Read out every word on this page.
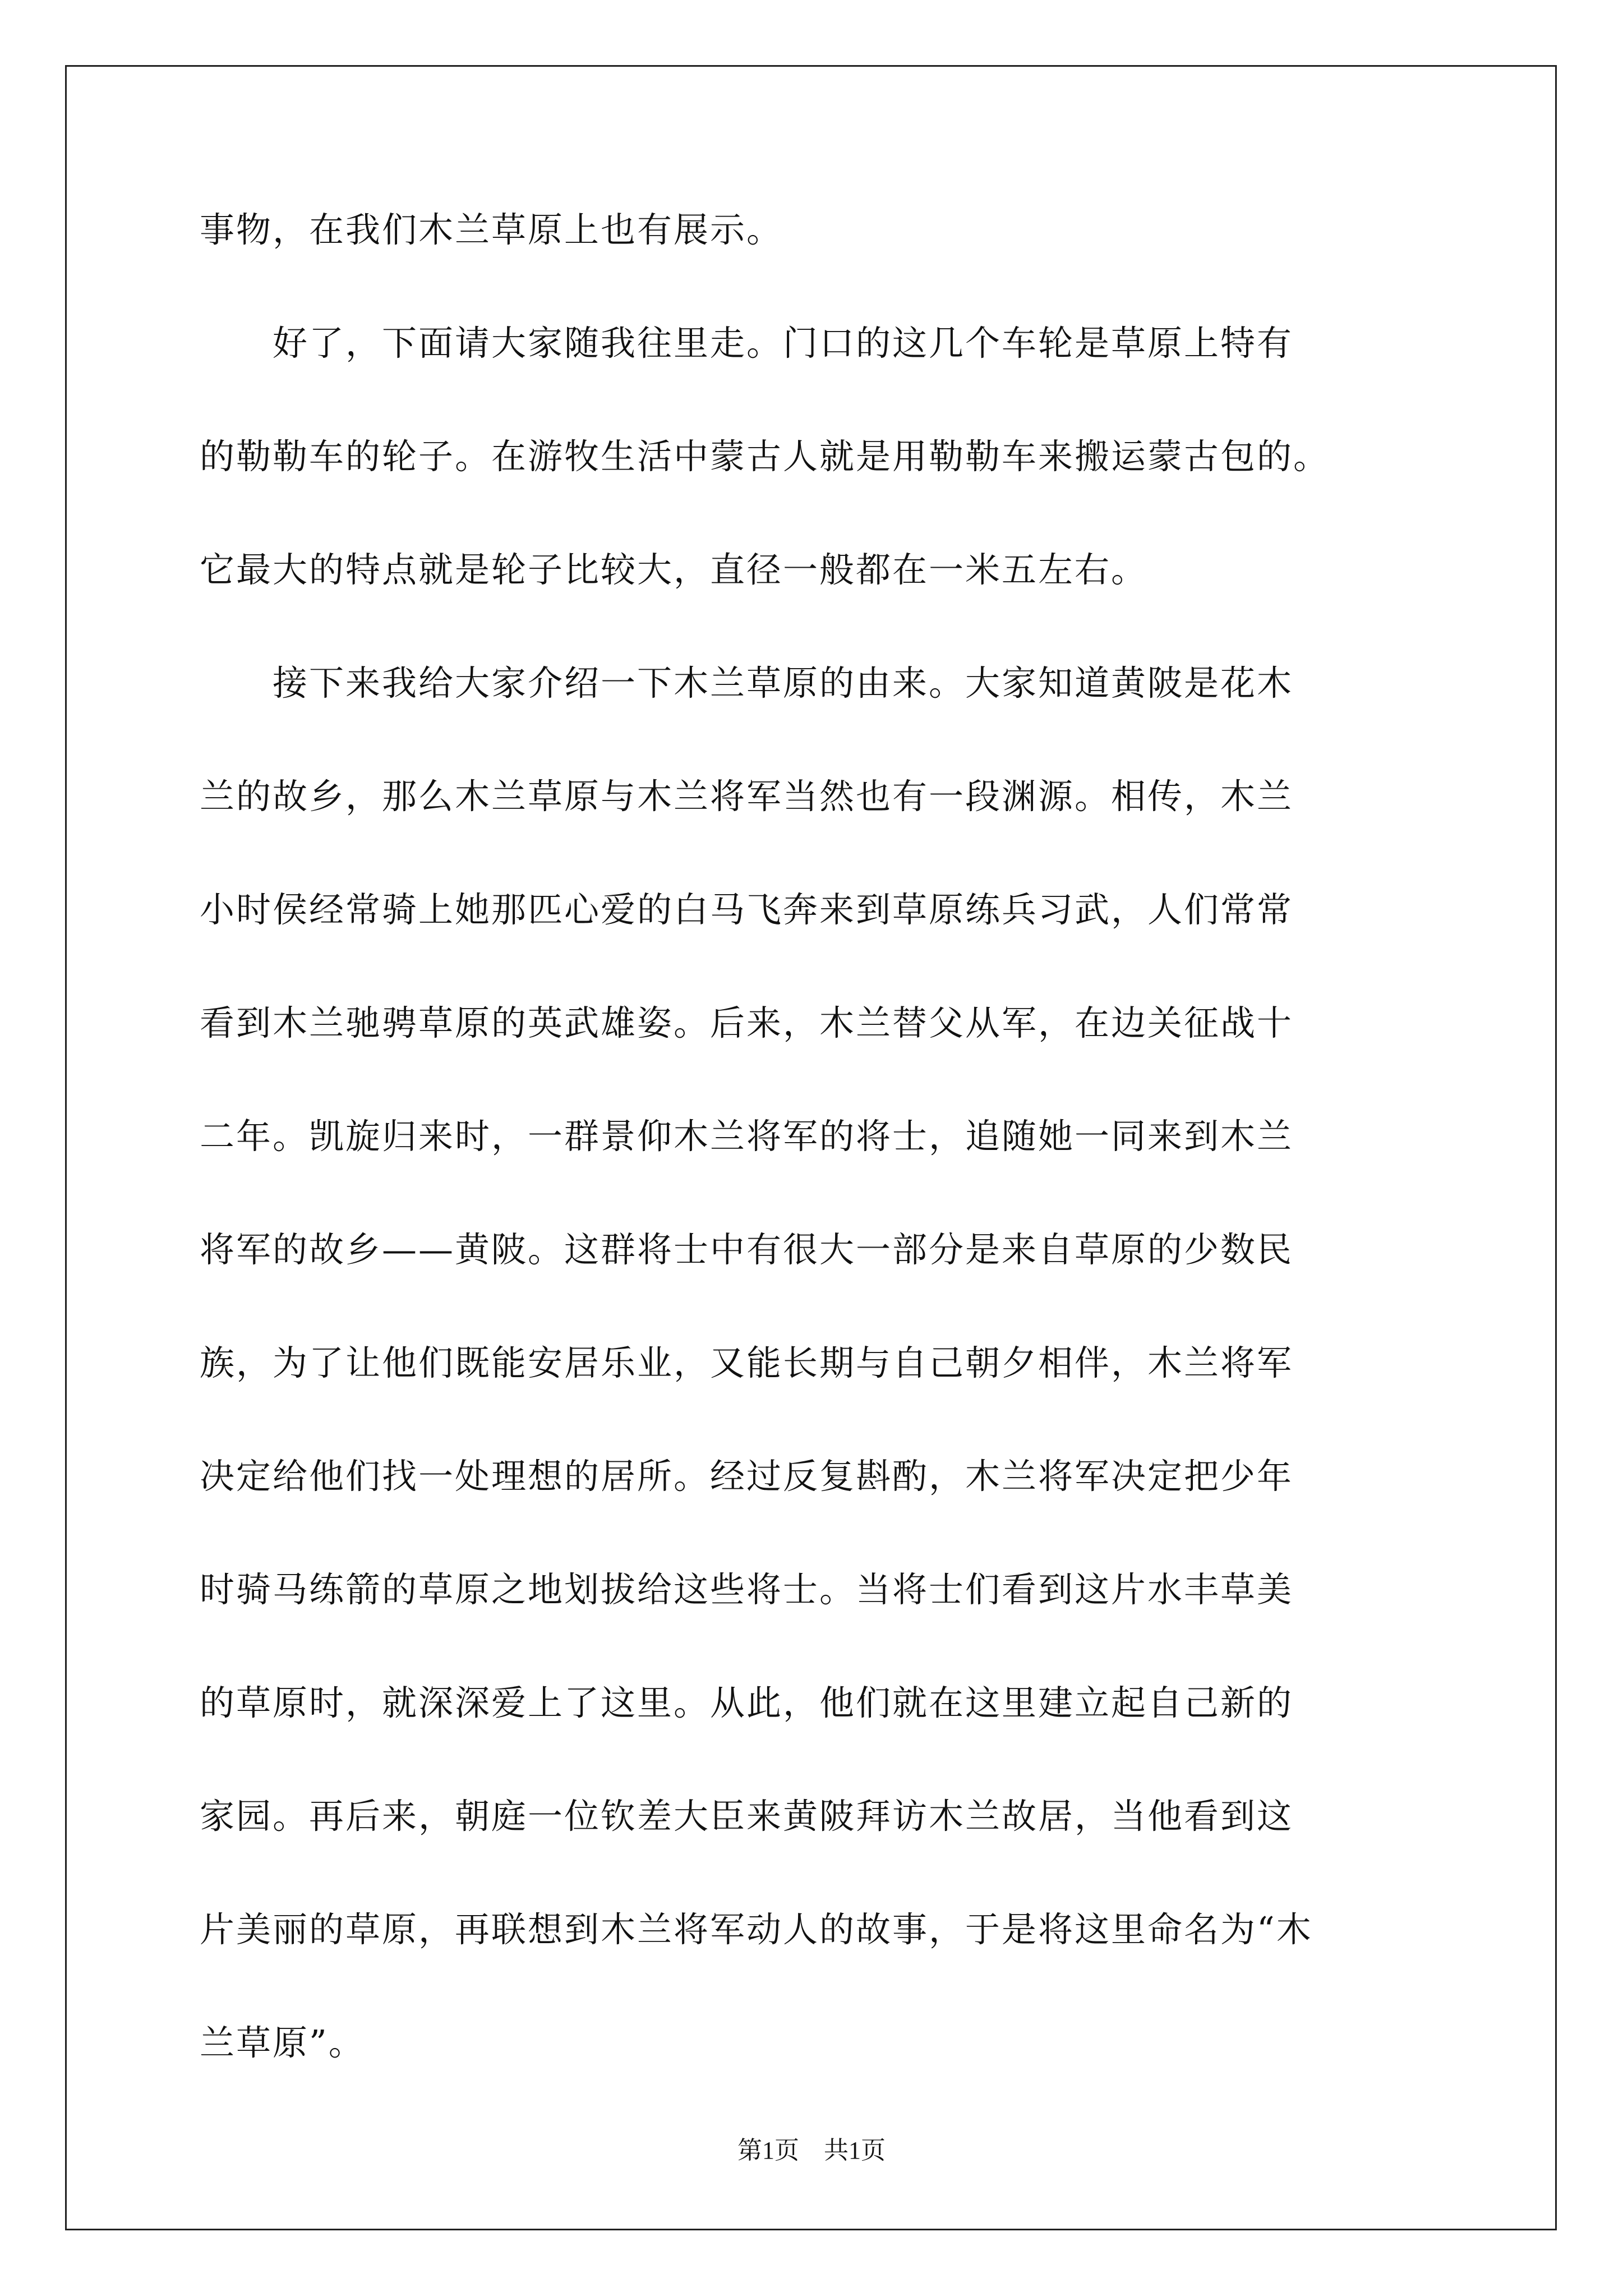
事物，在我们木兰草原上也有展示。
　　好了，下面请大家随我往里走。门口的这几个车轮是草原上特有
的勒勒车的轮子。在游牧生活中蒙古人就是用勒勒车来搬运蒙古包的。
它最大的特点就是轮子比较大，直径一般都在一米五左右。
　　接下来我给大家介绍一下木兰草原的由来。大家知道黄陂是花木
兰的故乡，那么木兰草原与木兰将军当然也有一段渊源。相传，木兰
小时侯经常骑上她那匹心爱的白马飞奔来到草原练兵习武，人们常常
看到木兰驰骋草原的英武雄姿。后来，木兰替父从军，在边关征战十
二年。凯旋归来时，一群景仰木兰将军的将士，追随她一同来到木兰
将军的故乡——黄陂。这群将士中有很大一部分是来自草原的少数民
族，为了让他们既能安居乐业，又能长期与自己朝夕相伴，木兰将军
决定给他们找一处理想的居所。经过反复斟酌，木兰将军决定把少年
时骑马练箭的草原之地划拔给这些将士。当将士们看到这片水丰草美
的草原时，就深深爱上了这里。从此，他们就在这里建立起自己新的
家园。再后来，朝庭一位钦差大臣来黄陂拜访木兰故居，当他看到这
片美丽的草原，再联想到木兰将军动人的故事，于是将这里命名为“木
兰草原”。
第1页　共1页
